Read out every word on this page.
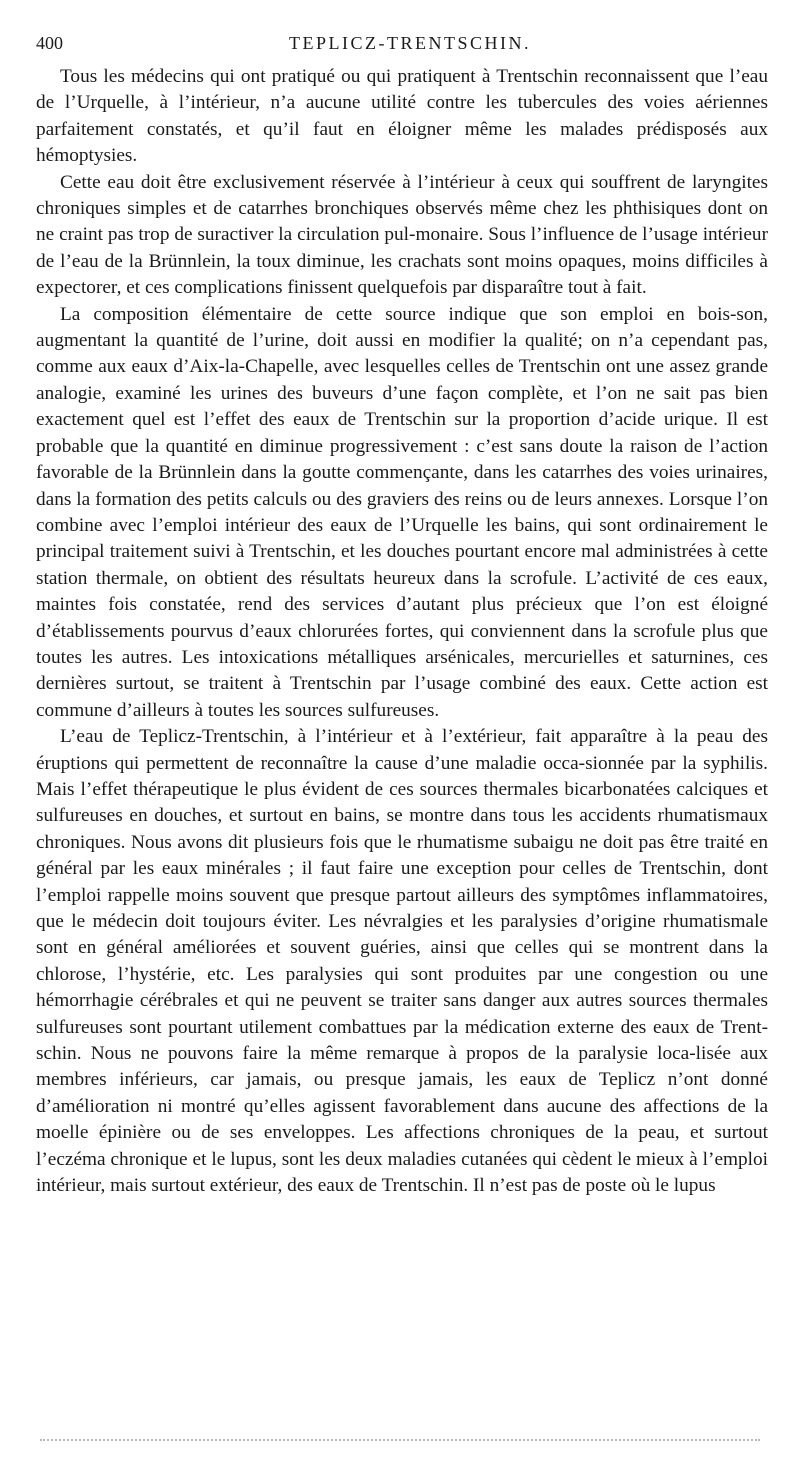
400	TEPLICZ-TRENTSCHIN.

Tous les médecins qui ont pratiqué ou qui pratiquent à Trentschin reconnaissent que l’eau de l’Urquelle, à l’intérieur, n’a aucune utilité contre les tubercules des voies aériennes parfaitement constatés, et qu’il faut en éloigner même les malades prédisposés aux hémoptysies.

Cette eau doit être exclusivement réservée à l’intérieur à ceux qui souffrent de laryngites chroniques simples et de catarrhes bronchiques observés même chez les phthisiques dont on ne craint pas trop de suractiver la circulation pul-monaire. Sous l’influence de l’usage intérieur de l’eau de la Brünnlein, la toux diminue, les crachats sont moins opaques, moins difficiles à expectorer, et ces complications finissent quelquefois par disparaître tout à fait.

La composition élémentaire de cette source indique que son emploi en bois-son, augmentant la quantité de l’urine, doit aussi en modifier la qualité; on n’a cependant pas, comme aux eaux d’Aix-la-Chapelle, avec lesquelles celles de Trentschin ont une assez grande analogie, examiné les urines des buveurs d’une façon complète, et l’on ne sait pas bien exactement quel est l’effet des eaux de Trentschin sur la proportion d’acide urique. Il est probable que la quantité en diminue progressivement : c’est sans doute la raison de l’action favorable de la Brünnlein dans la goutte commençante, dans les catarrhes des voies urinaires, dans la formation des petits calculs ou des graviers des reins ou de leurs annexes. Lorsque l’on combine avec l’emploi intérieur des eaux de l’Urquelle les bains, qui sont ordinairement le principal traitement suivi à Trentschin, et les douches pourtant encore mal administrées à cette station thermale, on obtient des résultats heureux dans la scrofule. L’activité de ces eaux, maintes fois constatée, rend des services d’autant plus précieux que l’on est éloigné d’établissements pourvus d’eaux chlorurées fortes, qui conviennent dans la scrofule plus que toutes les autres. Les intoxications métalliques arsénicales, mercurielles et saturnines, ces dernières surtout, se traitent à Trentschin par l’usage combiné des eaux. Cette action est commune d’ailleurs à toutes les sources sulfureuses.

L’eau de Teplicz-Trentschin, à l’intérieur et à l’extérieur, fait apparaître à la peau des éruptions qui permettent de reconnaître la cause d’une maladie occa-sionnée par la syphilis. Mais l’effet thérapeutique le plus évident de ces sources thermales bicarbonatées calciques et sulfureuses en douches, et surtout en bains, se montre dans tous les accidents rhumatismaux chroniques. Nous avons dit plusieurs fois que le rhumatisme subaigu ne doit pas être traité en général par les eaux minérales ; il faut faire une exception pour celles de Trentschin, dont l’emploi rappelle moins souvent que presque partout ailleurs des symptômes inflammatoires, que le médecin doit toujours éviter. Les névralgies et les paralysies d’origine rhumatismale sont en général améliorées et souvent guéries, ainsi que celles qui se montrent dans la chlorose, l’hystérie, etc. Les paralysies qui sont produites par une congestion ou une hémorrhagie cérébrales et qui ne peuvent se traiter sans danger aux autres sources thermales sulfureuses sont pourtant utilement combattues par la médication externe des eaux de Trent-schin. Nous ne pouvons faire la même remarque à propos de la paralysie loca-lisée aux membres inférieurs, car jamais, ou presque jamais, les eaux de Teplicz n’ont donné d’amélioration ni montré qu’elles agissent favorablement dans aucune des affections de la moelle épinière ou de ses enveloppes. Les affections chroniques de la peau, et surtout l’eczéma chronique et le lupus, sont les deux maladies cutanées qui cèdent le mieux à l’emploi intérieur, mais surtout extérieur, des eaux de Trentschin. Il n’est pas de poste où le lupus
